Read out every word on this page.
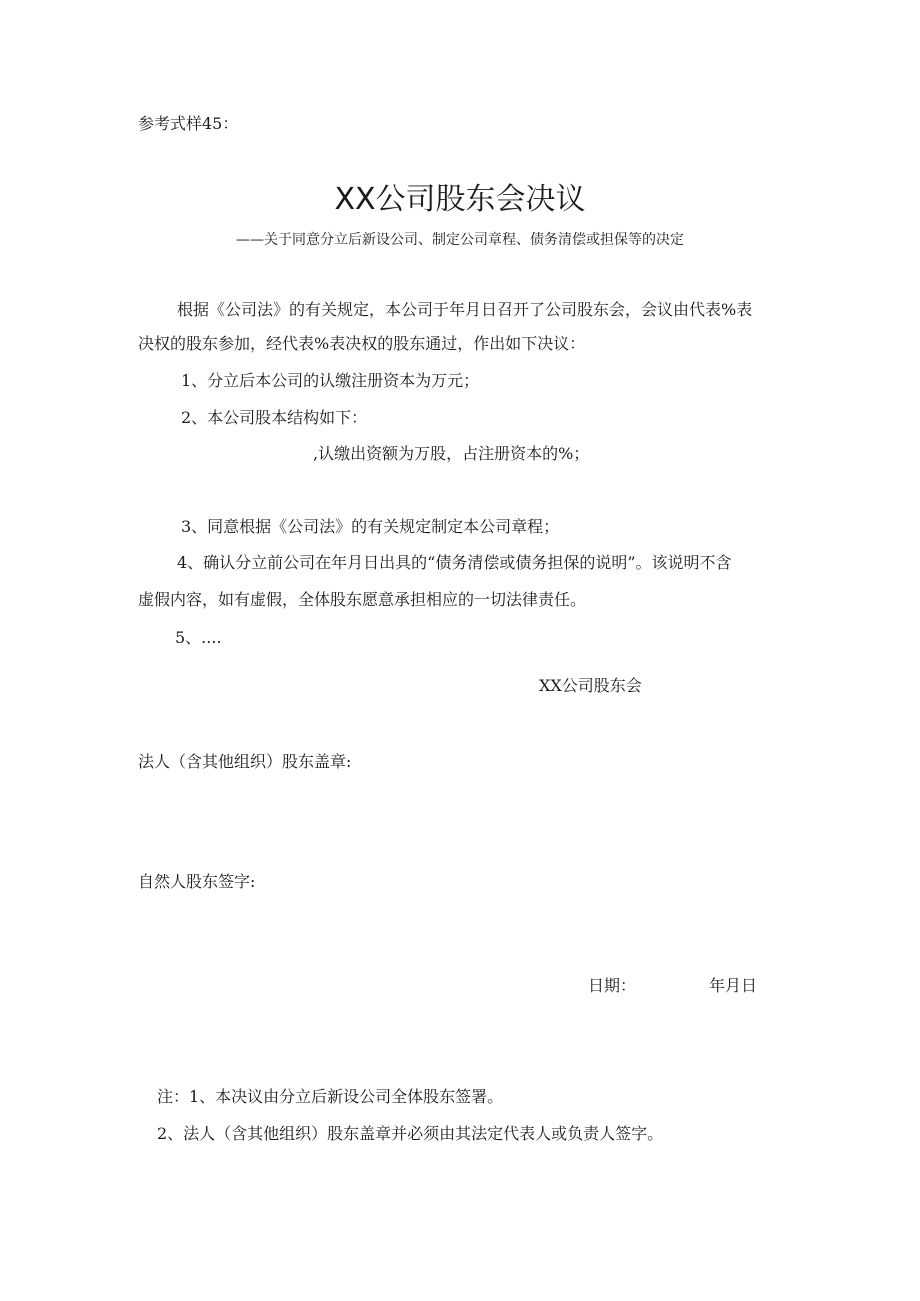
参考式样45：
XX公司股东会决议
——关于同意分立后新设公司、制定公司章程、债务清偿或担保等的决定
根据《公司法》的有关规定，本公司于年月日召开了公司股东会，会议由代表%表
决权的股东参加，经代表%表决权的股东通过，作出如下决议：
1、分立后本公司的认缴注册资本为万元；
2、本公司股本结构如下：
,认缴出资额为万股，占注册资本的%；
3、同意根据《公司法》的有关规定制定本公司章程；
4、确认分立前公司在年月日出具的“债务清偿或债务担保的说明”。该说明不含
虚假内容，如有虚假，全体股东愿意承担相应的一切法律责任。
5、....
XX公司股东会
法人（含其他组织）股东盖章:
自然人股东签字:
日期：	年月日
注：1、本决议由分立后新设公司全体股东签署。
2、法人（含其他组织）股东盖章并必须由其法定代表人或负责人签字。
